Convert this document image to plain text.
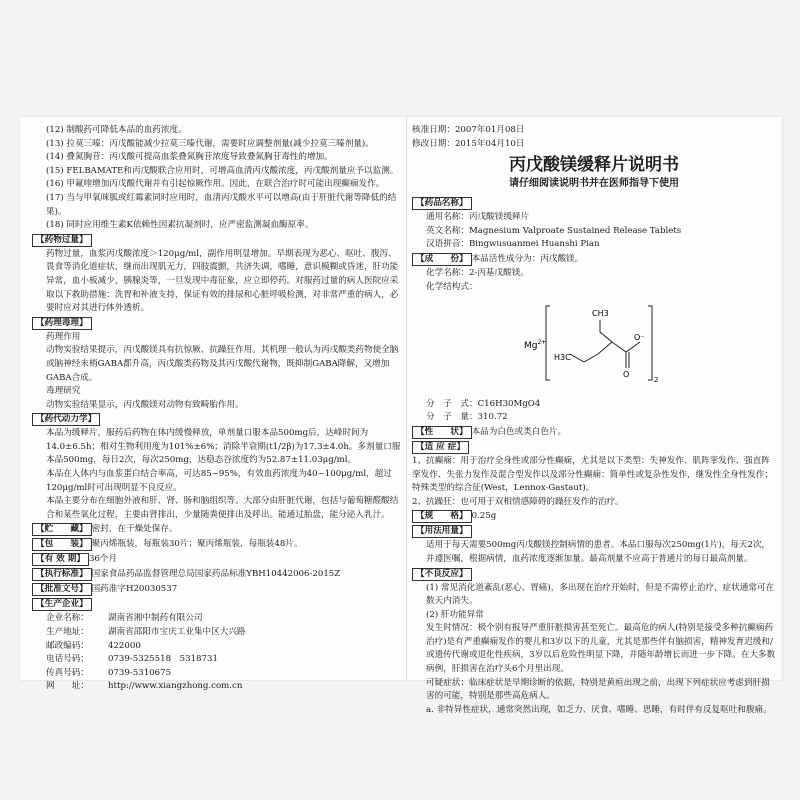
(12) 制酸药可降低本品的血药浓度。
(13) 拉莫三嗪：丙戊酸能减少拉莫三嗪代谢，需要时应调整剂量(减少拉莫三嗪剂量)。
(14) 叠氮胸苷：丙戊酸可提高血浆叠氮胸苷浓度导致叠氮胸苷毒性的增加。
(15) FELBAMATE和丙戊酸联合应用时，可增高血清丙戊酸浓度，丙戊酸剂量应予以监测。
(16) 甲氟喹增加丙戊酸代谢并有引起惊厥作用。因此，在联合治疗时可能出现癫痫发作。
(17) 当与甲氧咪胍或红霉素同时应用时，血清丙戊酸水平可以增高(由于肝脏代谢等降低的结果)。
(18) 同时应用维生素K依赖性因素抗凝剂时，应严密监测凝血酶原率。
【药物过量】
药物过量，血浆丙戊酸浓度＞120μg/ml，副作用明显增加。早期表现为恶心、呕吐、腹泻、畏食等消化道症状，继而出现肌无力，四肢震颤，共济失调，嗜睡，意识模糊或昏迷，肝功能异常，血小板减少，胰腺炎等，一旦发现中毒征象，应立即停药。对服药过量的病人医院应采取以下救助措施：洗胃和补液支持，保证有效的排尿和心脏呼吸检测，对非常严重的病人，必要时应对其进行体外透析。
【药理毒理】
药理作用
动物实验结果提示，丙戊酸镁具有抗惊厥、抗躁狂作用。其机理一般认为丙戊酸类药物使全脑或脑神经末梢GABA都升高，丙戊酸类药物及其丙戊酸代谢物，既抑制GABA降解，又增加GABA合成。
毒理研究
动物实验结果显示，丙戊酸镁对动物有致畸胎作用。
【药代动力学】
本品为缓释片，服药后药物在体内缓慢释放，单剂量口服本品500mg后，达峰时间为14.0±6.5h；相对生物利用度为101%±6%；消除半衰期(t1/2β)为17.3±4.0h。多剂量口服本品500mg，每日2次，每次250mg，达稳态谷浓度约为52.87±11.03μg/ml。
本品在人体内与血浆蛋白结合率高，可达85~95%，有效血药浓度为40~100μg/ml，超过120μg/ml时可出现明显不良反应。
本品主要分布在细胞外液和肝、肾、肠和脑组织等。大部分由肝脏代谢，包括与葡萄糖醛酸结合和某些氧化过程，主要由肾排出，少量随粪便排出及呼出。能通过胎盘，能分泌入乳汁。
【贮　　藏】 密封，在干燥处保存。
【包　　装】 聚丙烯瓶装，每瓶装30片；聚丙烯瓶装，每瓶装48片。
【有 效 期】 36个月
【执行标准】 国家食品药品监督管理总局国家药品标准YBH10442006-2015Z
【批准文号】 国药准字H20030537
【生产企业】
企业名称：	湖南省湘中制药有限公司
生产地址：	湖南省邵阳市宝庆工业集中区大兴路
邮政编码：	422000
电话号码：	0739-5325518　5318731
传真号码：	0739-5310675
网　　址：	http://www.xiangzhong.com.cn
核准日期：2007年01月08日
修改日期：2015年04月10日
丙戊酸镁缓释片说明书
请仔细阅读说明书并在医师指导下使用
【药品名称】
通用名称：丙戊酸镁缓释片
英文名称：Magnesium Valproate Sustained Release Tablets
汉语拼音：Bingwusuanmei Huanshi Pian
【成　　份】 本品活性成分为：丙戊酸镁。
化学名称：2-丙基戊酸镁。
化学结构式：
$Mg^{2+}$
2
CH3
H3C
O⁻
O
分　子　式：C16H30MgO4
分　子　量：310.72
【性　　状】 本品为白色或类白色片。
【适 应 症】
1、抗癫痫：用于治疗全身性或部分性癫痫，尤其是以下类型：失神发作、肌阵挛发作、强直阵挛发作、失张力发作及混合型发作以及部分性癫痫：简单性或复杂性发作，继发性全身性发作；特殊类型的综合征(West，Lennox-Gastaut)。
2、抗躁狂：也可用于双相情感障碍的躁狂发作的治疗。
【规　　格】 0.25g
【用法用量】
适用于每天需要500mg丙戊酸镁控制病情的患者。本品口服每次250mg(1片)，每天2次，并遵医嘱，根据病情，血药浓度逐渐加量。最高剂量不应高于普通片的每日最高剂量。
【不良反应】
(1) 常见消化道紊乱(恶心、胃痛)，多出现在治疗开始时，但是不需停止治疗，症状通常可在数天内消失。
(2) 肝功能异常
发生时情况：极个别有报导严重肝脏损害甚至死亡。最高危的病人(特别是接受多种抗癫痫药治疗)是有严重癫痫发作的婴儿和3岁以下的儿童，尤其是那些伴有脑损害，精神发育迟缓和/或遗传代谢或退化性疾病，3岁以后危险性明显下降，并随年龄增长而进一步下降。在大多数病例，肝损害在治疗头6个月里出现。
可疑症状：临床症状是早期诊断的依据，特别是黄疸出现之前，出现下列症状应考虑到肝损害的可能，特别是那些高危病人。
a. 非特异性症状，通常突然出现，如乏力、厌食、嗜睡、思睡，有时伴有反复呕吐和腹痛。
